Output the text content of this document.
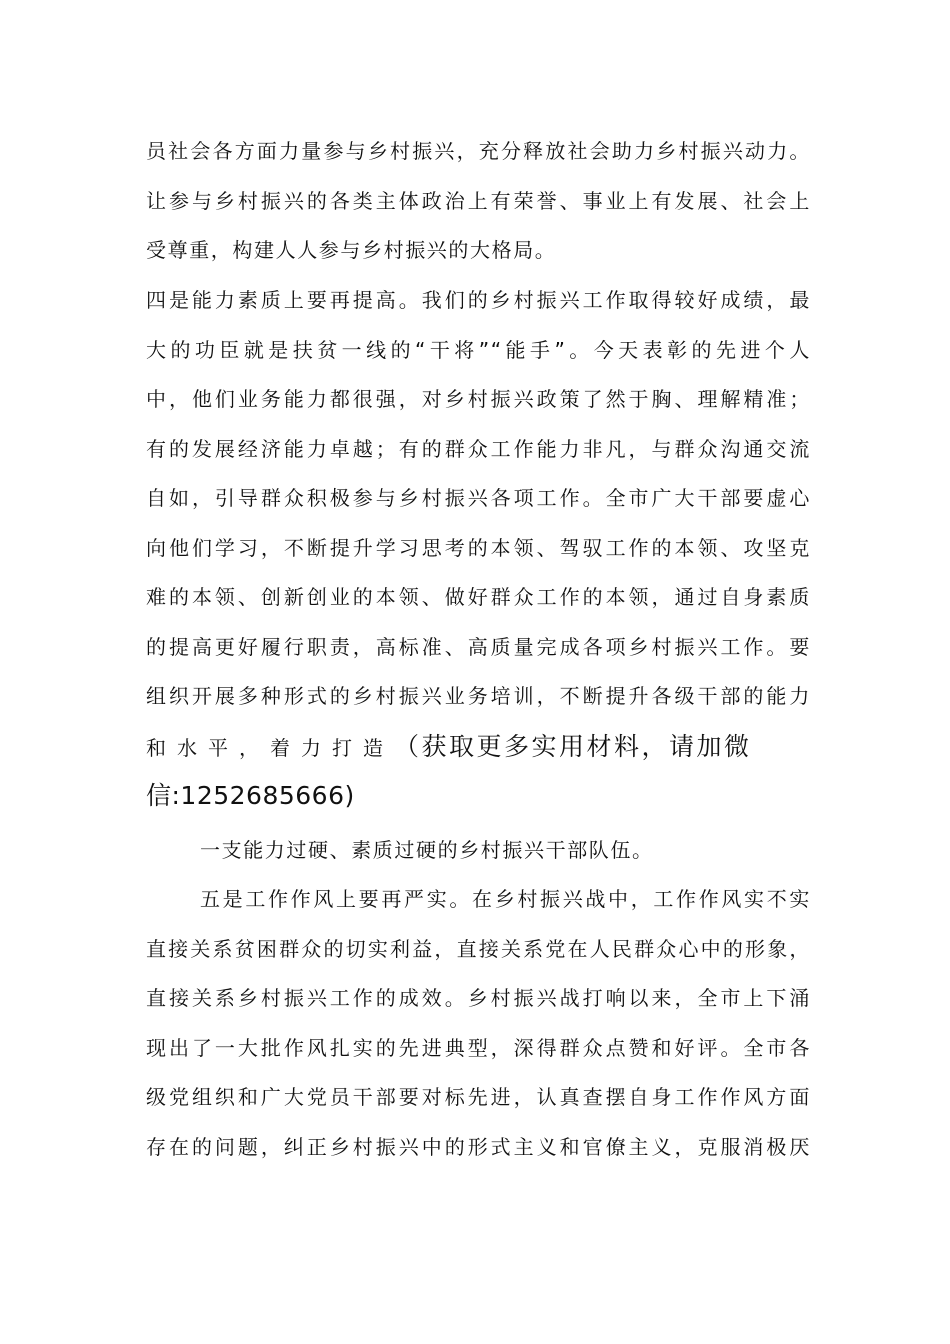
员社会各方面力量参与乡村振兴，充分释放社会助力乡村振兴动力。
让参与乡村振兴的各类主体政治上有荣誉、事业上有发展、社会上
受尊重，构建人人参与乡村振兴的大格局。
四是能力素质上要再提高。我们的乡村振兴工作取得较好成绩，最
大的功臣就是扶贫一线的“干将”“能手”。今天表彰的先进个人
中，他们业务能力都很强，对乡村振兴政策了然于胸、理解精准；
有的发展经济能力卓越；有的群众工作能力非凡，与群众沟通交流
自如，引导群众积极参与乡村振兴各项工作。全市广大干部要虚心
向他们学习，不断提升学习思考的本领、驾驭工作的本领、攻坚克
难的本领、创新创业的本领、做好群众工作的本领，通过自身素质
的提高更好履行职责，高标准、高质量完成各项乡村振兴工作。要
组织开展多种形式的乡村振兴业务培训，不断提升各级干部的能力
和水平，着力打造（获取更多实用材料，请加微
信:1252685666)
一支能力过硬、素质过硬的乡村振兴干部队伍。
五是工作作风上要再严实。在乡村振兴战中，工作作风实不实
直接关系贫困群众的切实利益，直接关系党在人民群众心中的形象，
直接关系乡村振兴工作的成效。乡村振兴战打响以来，全市上下涌
现出了一大批作风扎实的先进典型，深得群众点赞和好评。全市各
级党组织和广大党员干部要对标先进，认真查摆自身工作作风方面
存在的问题，纠正乡村振兴中的形式主义和官僚主义，克服消极厌
